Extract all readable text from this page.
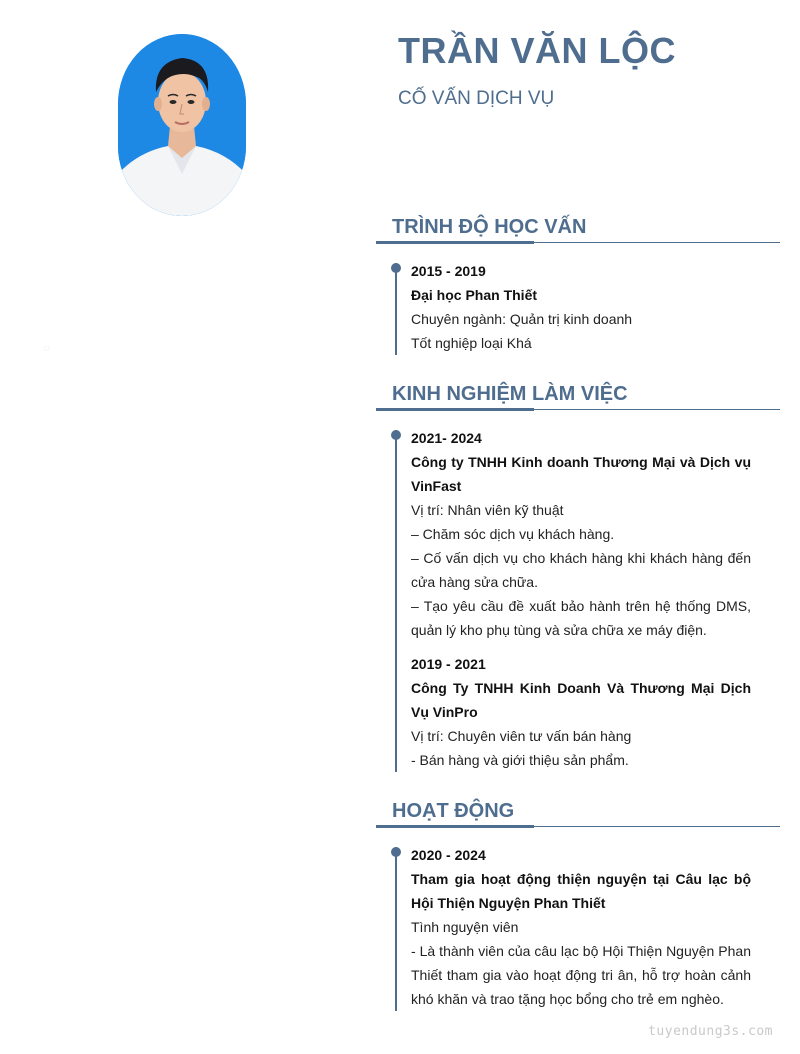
○
TRẦN VĂN LỘC
CỐ VẤN DỊCH VỤ
TRÌNH ĐỘ HỌC VẤN

2015 - 2019

Đại học Phan Thiết

Chuyên ngành: Quản trị kinh doanh

Tốt nghiệp loại Khá

KINH NGHIỆM LÀM VIỆC

2021- 2024

Công ty TNHH Kinh doanh Thương Mại và Dịch vụ VinFast

Vị trí: Nhân viên kỹ thuật

– Chăm sóc dịch vụ khách hàng.

– Cố vấn dịch vụ cho khách hàng khi khách hàng đến cửa hàng sửa chữa.

– Tạo yêu cầu đề xuất bảo hành trên hệ thống DMS, quản lý kho phụ tùng và sửa chữa xe máy điện.

2019 - 2021

Công Ty TNHH Kinh Doanh Và Thương Mại Dịch Vụ VinPro

Vị trí: Chuyên viên tư vấn bán hàng

- Bán hàng và giới thiệu sản phẩm.

HOẠT ĐỘNG

2020 - 2024

Tham gia hoạt động thiện nguyện tại Câu lạc bộ Hội Thiện Nguyện Phan Thiết

Tình nguyện viên

- Là thành viên của câu lạc bộ Hội Thiện Nguyện Phan Thiết tham gia vào hoạt động tri ân, hỗ trợ hoàn cảnh khó khăn và trao tặng học bổng cho trẻ em nghèo.

tuyendung3s.com
